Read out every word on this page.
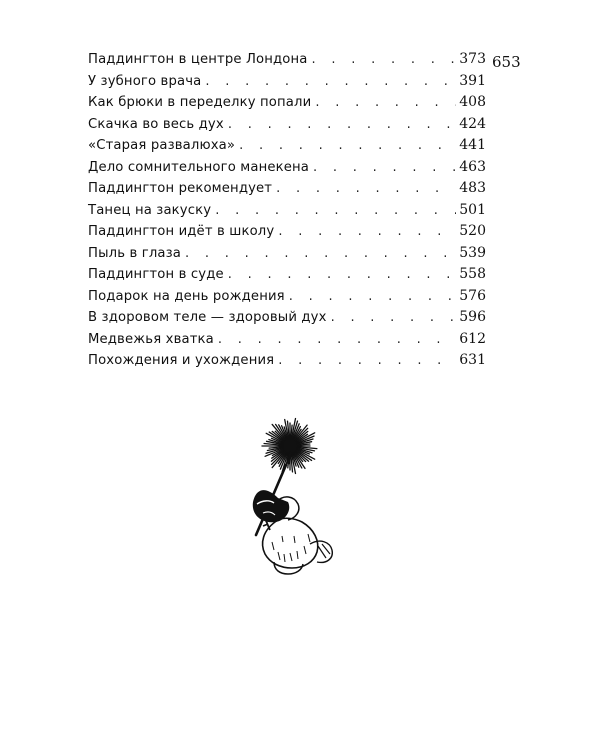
653
Паддингтон в центре Лондона . . .	373
У зубного врача . . .	391
Как брюки в переделку попали . . .	408
Скачка во весь дух . . .	424
«Старая развалюха» . . .	441
Дело сомнительного манекена . . .	463
Паддингтон рекомендует . . .	483
Танец на закуску . . .	501
Паддингтон идёт в школу . . .	520
Пыль в глаза . . .	539
Паддингтон в суде . . .	558
Подарок на день рождения . . .	576
В здоровом теле — здоровый дух . . .	596
Медвежья хватка . . .	612
Похождения и ухождения . . .	631
